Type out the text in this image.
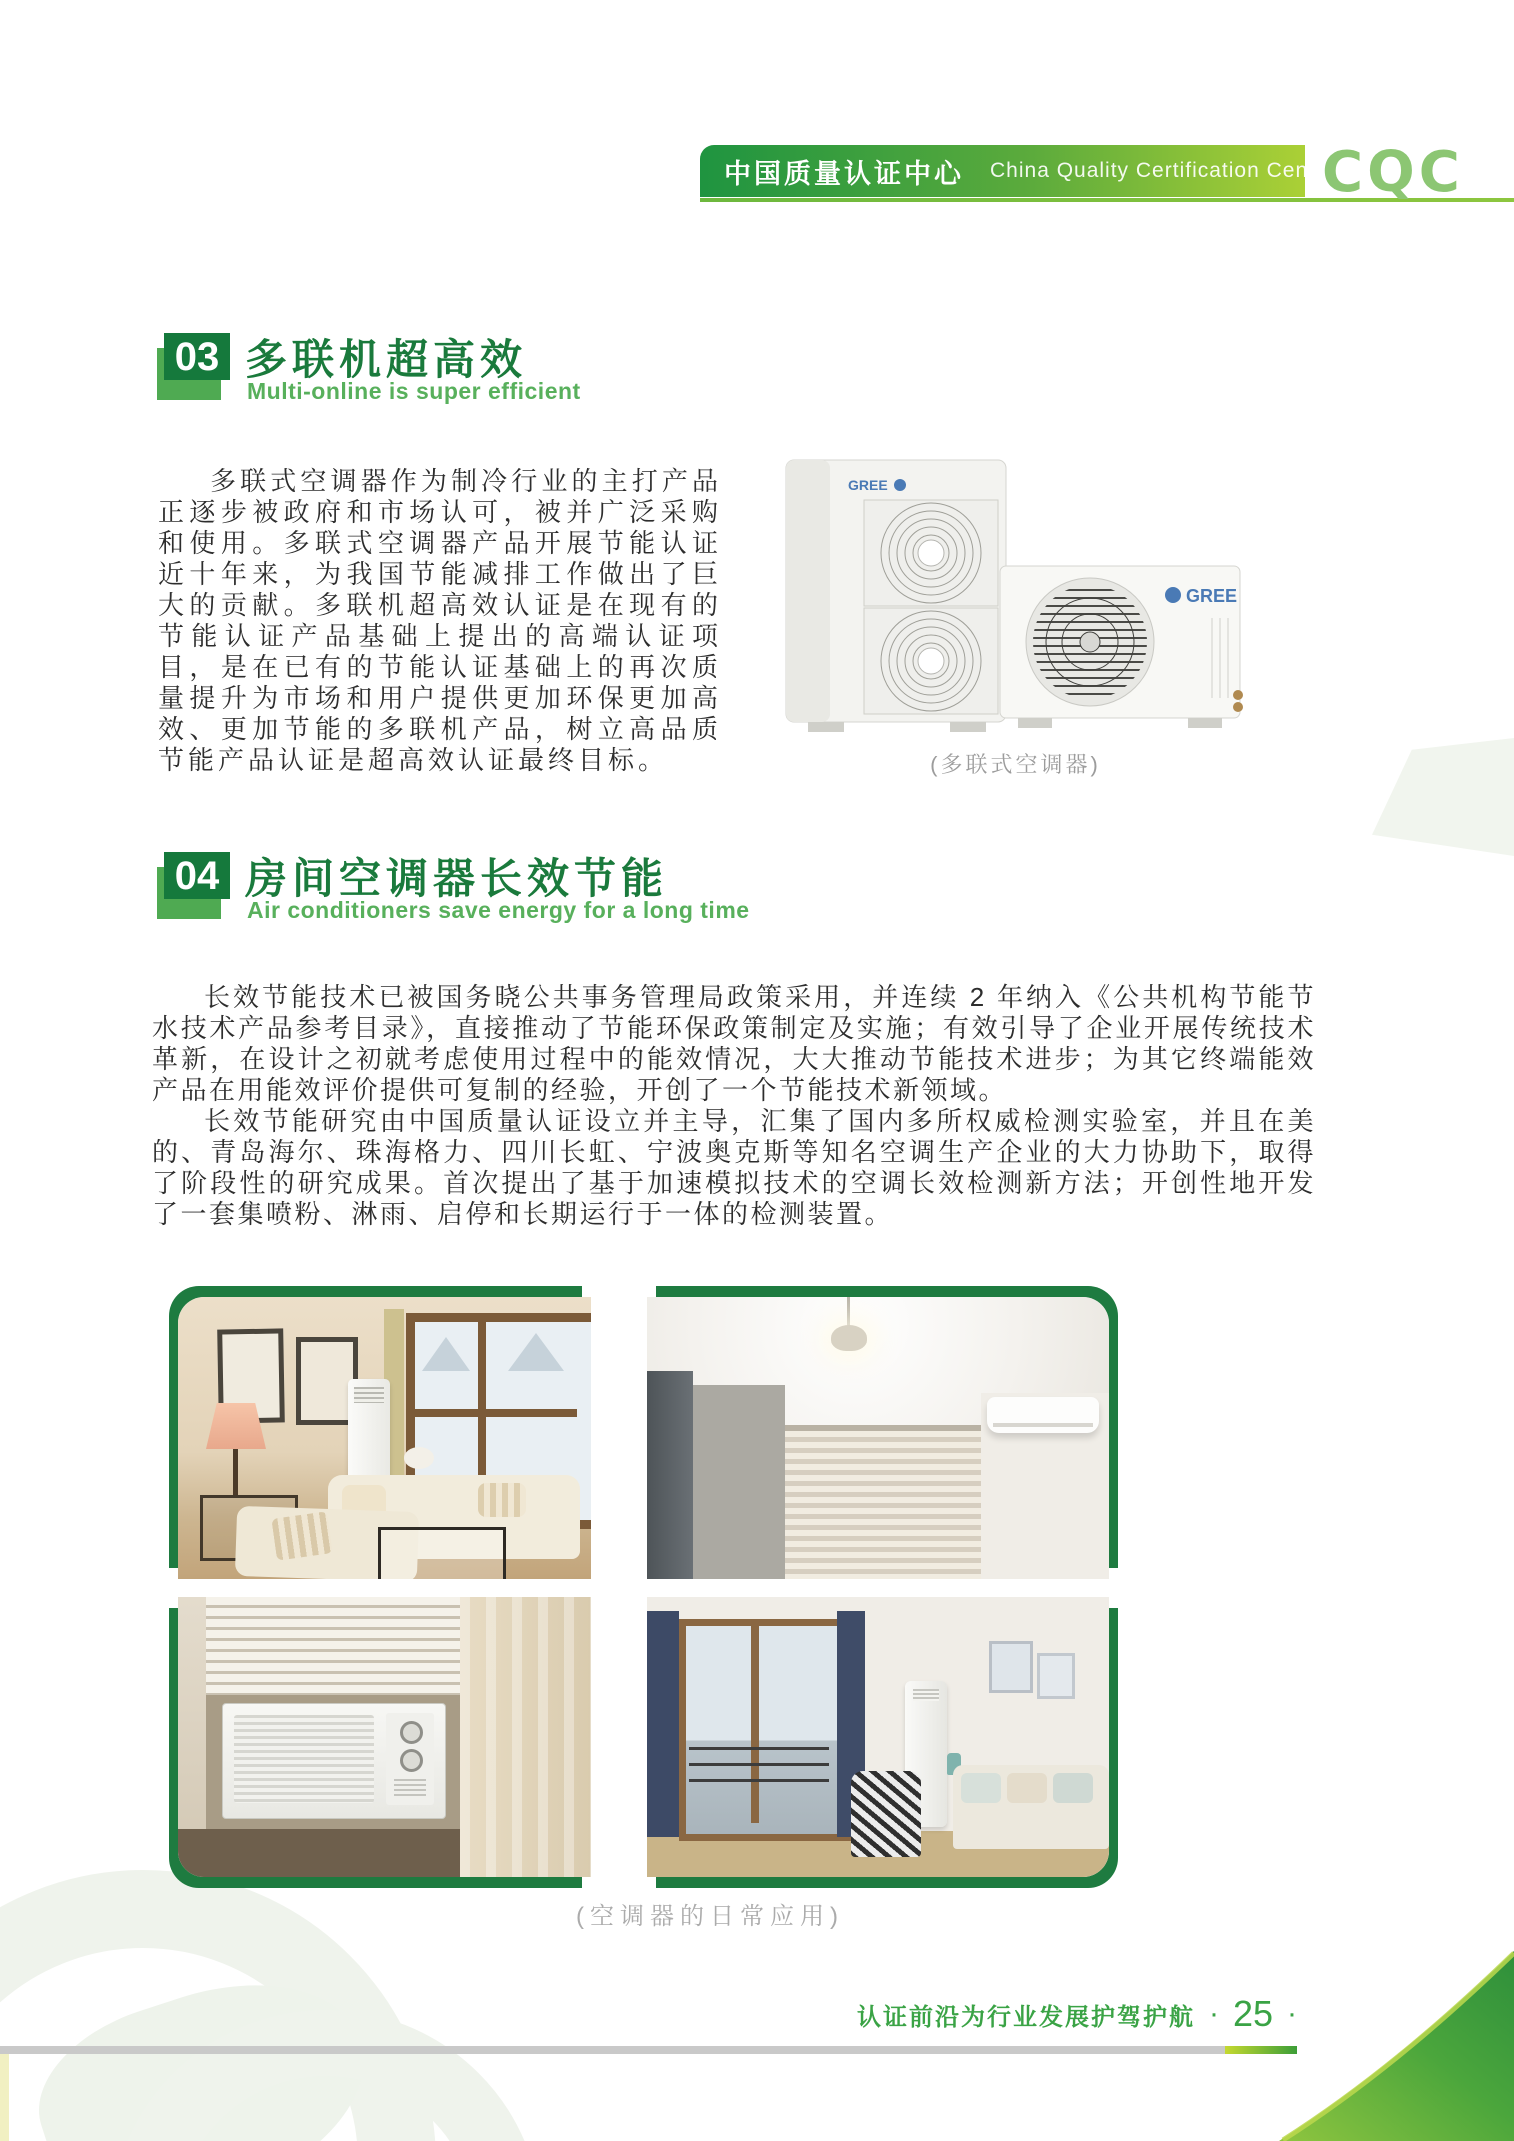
中国质量认证中心 China Quality Certification Centre
CQC
03 多联机超高效
Multi-online is super efficient

多联式空调器作为制冷行业的主打产品正逐步被政府和市场认可，被并广泛采购和使用。多联式空调器产品开展节能认证近十年来，为我国节能减排工作做出了巨大的贡献。多联机超高效认证是在现有的节能认证产品基础上提出的高端认证项目，是在已有的节能认证基础上的再次质量提升为市场和用户提供更加环保更加高效、更加节能的多联机产品，树立高品质节能产品认证是超高效认证最终目标。

GREE
GREE
(多联式空调器)
04 房间空调器长效节能
Air conditioners save energy for a long time

长效节能技术已被国务晓公共事务管理局政策采用，并连续 2 年纳入《公共机构节能节水技术产品参考目录》，直接推动了节能环保政策制定及实施；有效引导了企业开展传统技术革新，在设计之初就考虑使用过程中的能效情况，大大推动节能技术进步；为其它终端能效产品在用能效评价提供可复制的经验，开创了一个节能技术新领域。

长效节能研究由中国质量认证设立并主导，汇集了国内多所权威检测实验室，并且在美的、青岛海尔、珠海格力、四川长虹、宁波奥克斯等知名空调生产企业的大力协助下，取得了阶段性的研究成果。首次提出了基于加速模拟技术的空调长效检测新方法；开创性地开发了一套集喷粉、淋雨、启停和长期运行于一体的检测装置。

(空调器的日常应用)
认证前沿为行业发展护驾护航 · 25 ·
